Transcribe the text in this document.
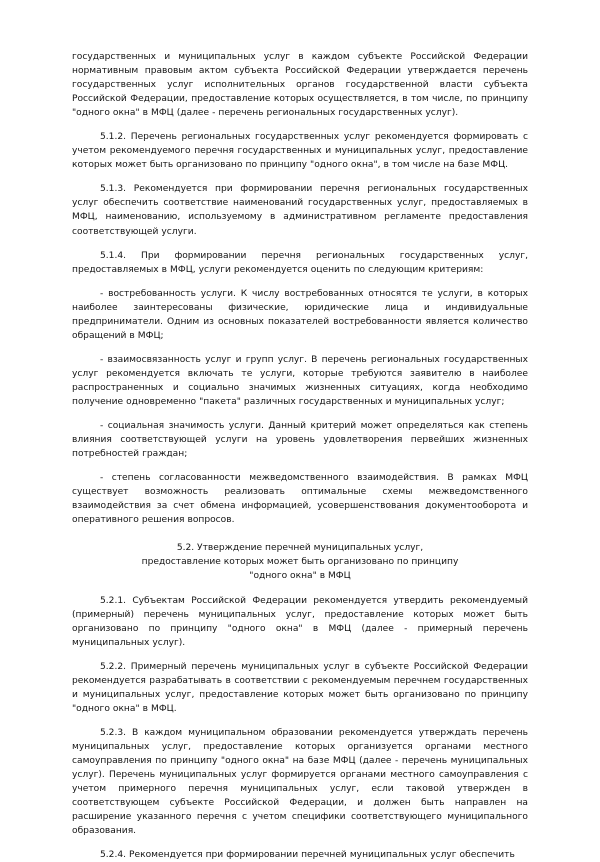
государственных и муниципальных услуг в каждом субъекте Российской Федерации нормативным правовым актом субъекта Российской Федерации утверждается перечень государственных услуг исполнительных органов государственной власти субъекта Российской Федерации, предоставление которых осуществляется, в том числе, по принципу "одного окна" в МФЦ (далее - перечень региональных государственных услуг).

5.1.2. Перечень региональных государственных услуг рекомендуется формировать с учетом рекомендуемого перечня государственных и муниципальных услуг, предоставление которых может быть организовано по принципу "одного окна", в том числе на базе МФЦ.

5.1.3. Рекомендуется при формировании перечня региональных государственных услуг обеспечить соответствие наименований государственных услуг, предоставляемых в МФЦ, наименованию, используемому в административном регламенте предоставления соответствующей услуги.

5.1.4. При формировании перечня региональных государственных услуг, предоставляемых в МФЦ, услуги рекомендуется оценить по следующим критериям:

- востребованность услуги. К числу востребованных относятся те услуги, в которых наиболее заинтересованы физические, юридические лица и индивидуальные предприниматели. Одним из основных показателей востребованности является количество обращений в МФЦ;

- взаимосвязанность услуг и групп услуг. В перечень региональных государственных услуг рекомендуется включать те услуги, которые требуются заявителю в наиболее распространенных и социально значимых жизненных ситуациях, когда необходимо получение одновременно "пакета" различных государственных и муниципальных услуг;

- социальная значимость услуги. Данный критерий может определяться как степень влияния соответствующей услуги на уровень удовлетворения первейших жизненных потребностей граждан;

- степень согласованности межведомственного взаимодействия. В рамках МФЦ существует возможность реализовать оптимальные схемы межведомственного взаимодействия за счет обмена информацией, усовершенствования документооборота и оперативного решения вопросов.

5.2. Утверждение перечней муниципальных услуг,

предоставление которых может быть организовано по принципу

"одного окна" в МФЦ

5.2.1. Субъектам Российской Федерации рекомендуется утвердить рекомендуемый (примерный) перечень муниципальных услуг, предоставление которых может быть организовано по принципу "одного окна" в МФЦ (далее - примерный перечень муниципальных услуг).

5.2.2. Примерный перечень муниципальных услуг в субъекте Российской Федерации рекомендуется разрабатывать в соответствии с рекомендуемым перечнем государственных и муниципальных услуг, предоставление которых может быть организовано по принципу "одного окна" в МФЦ.

5.2.3. В каждом муниципальном образовании рекомендуется утверждать перечень муниципальных услуг, предоставление которых организуется органами местного самоуправления по принципу "одного окна" на базе МФЦ (далее - перечень муниципальных услуг). Перечень муниципальных услуг формируется органами местного самоуправления с учетом примерного перечня муниципальных услуг, если таковой утвержден в соответствующем субъекте Российской Федерации, и должен быть направлен на расширение указанного перечня с учетом специфики соответствующего муниципального образования.

5.2.4. Рекомендуется при формировании перечней муниципальных услуг обеспечить
